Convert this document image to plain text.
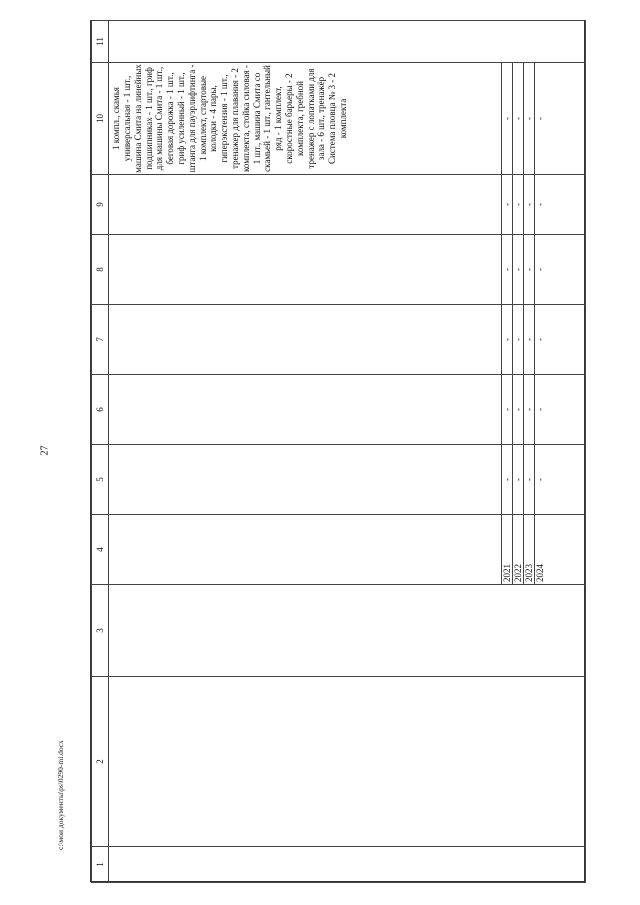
27
c:\мои документы\ps\0290-mi.docx
1	2	3	4	5	6	7	8	9	10	11
									1 компл., скамья универсальная - 1 шт., машина Смита на линейных подшипниках - 1 шт., гриф для машины Смита - 1 шт., беговая дорожка - 1 шт., гриф усиленный - 1 шт., штанга для пауэрлифтинга - 1 комплект, стартовые колодки - 4 пары, гиперэкстензия - 1 шт., тренажер для плавания - 2 комплекта, стойка силовая - 1 шт., машина Смита со скамьей - 1 шт., гантельный ряд - 1 комплект, скоростные барьеры - 2 комплекта, гребной тренажер с лопатками для зала - 6 шт., тренажёр Система пловца № 3 - 2 комплекта	
			2021	-	-	-	-	-	-	
			2022	-	-	-	-	-	-	
			2023	-	-	-	-	-	-	
			2024	-	-	-	-	-	-	
